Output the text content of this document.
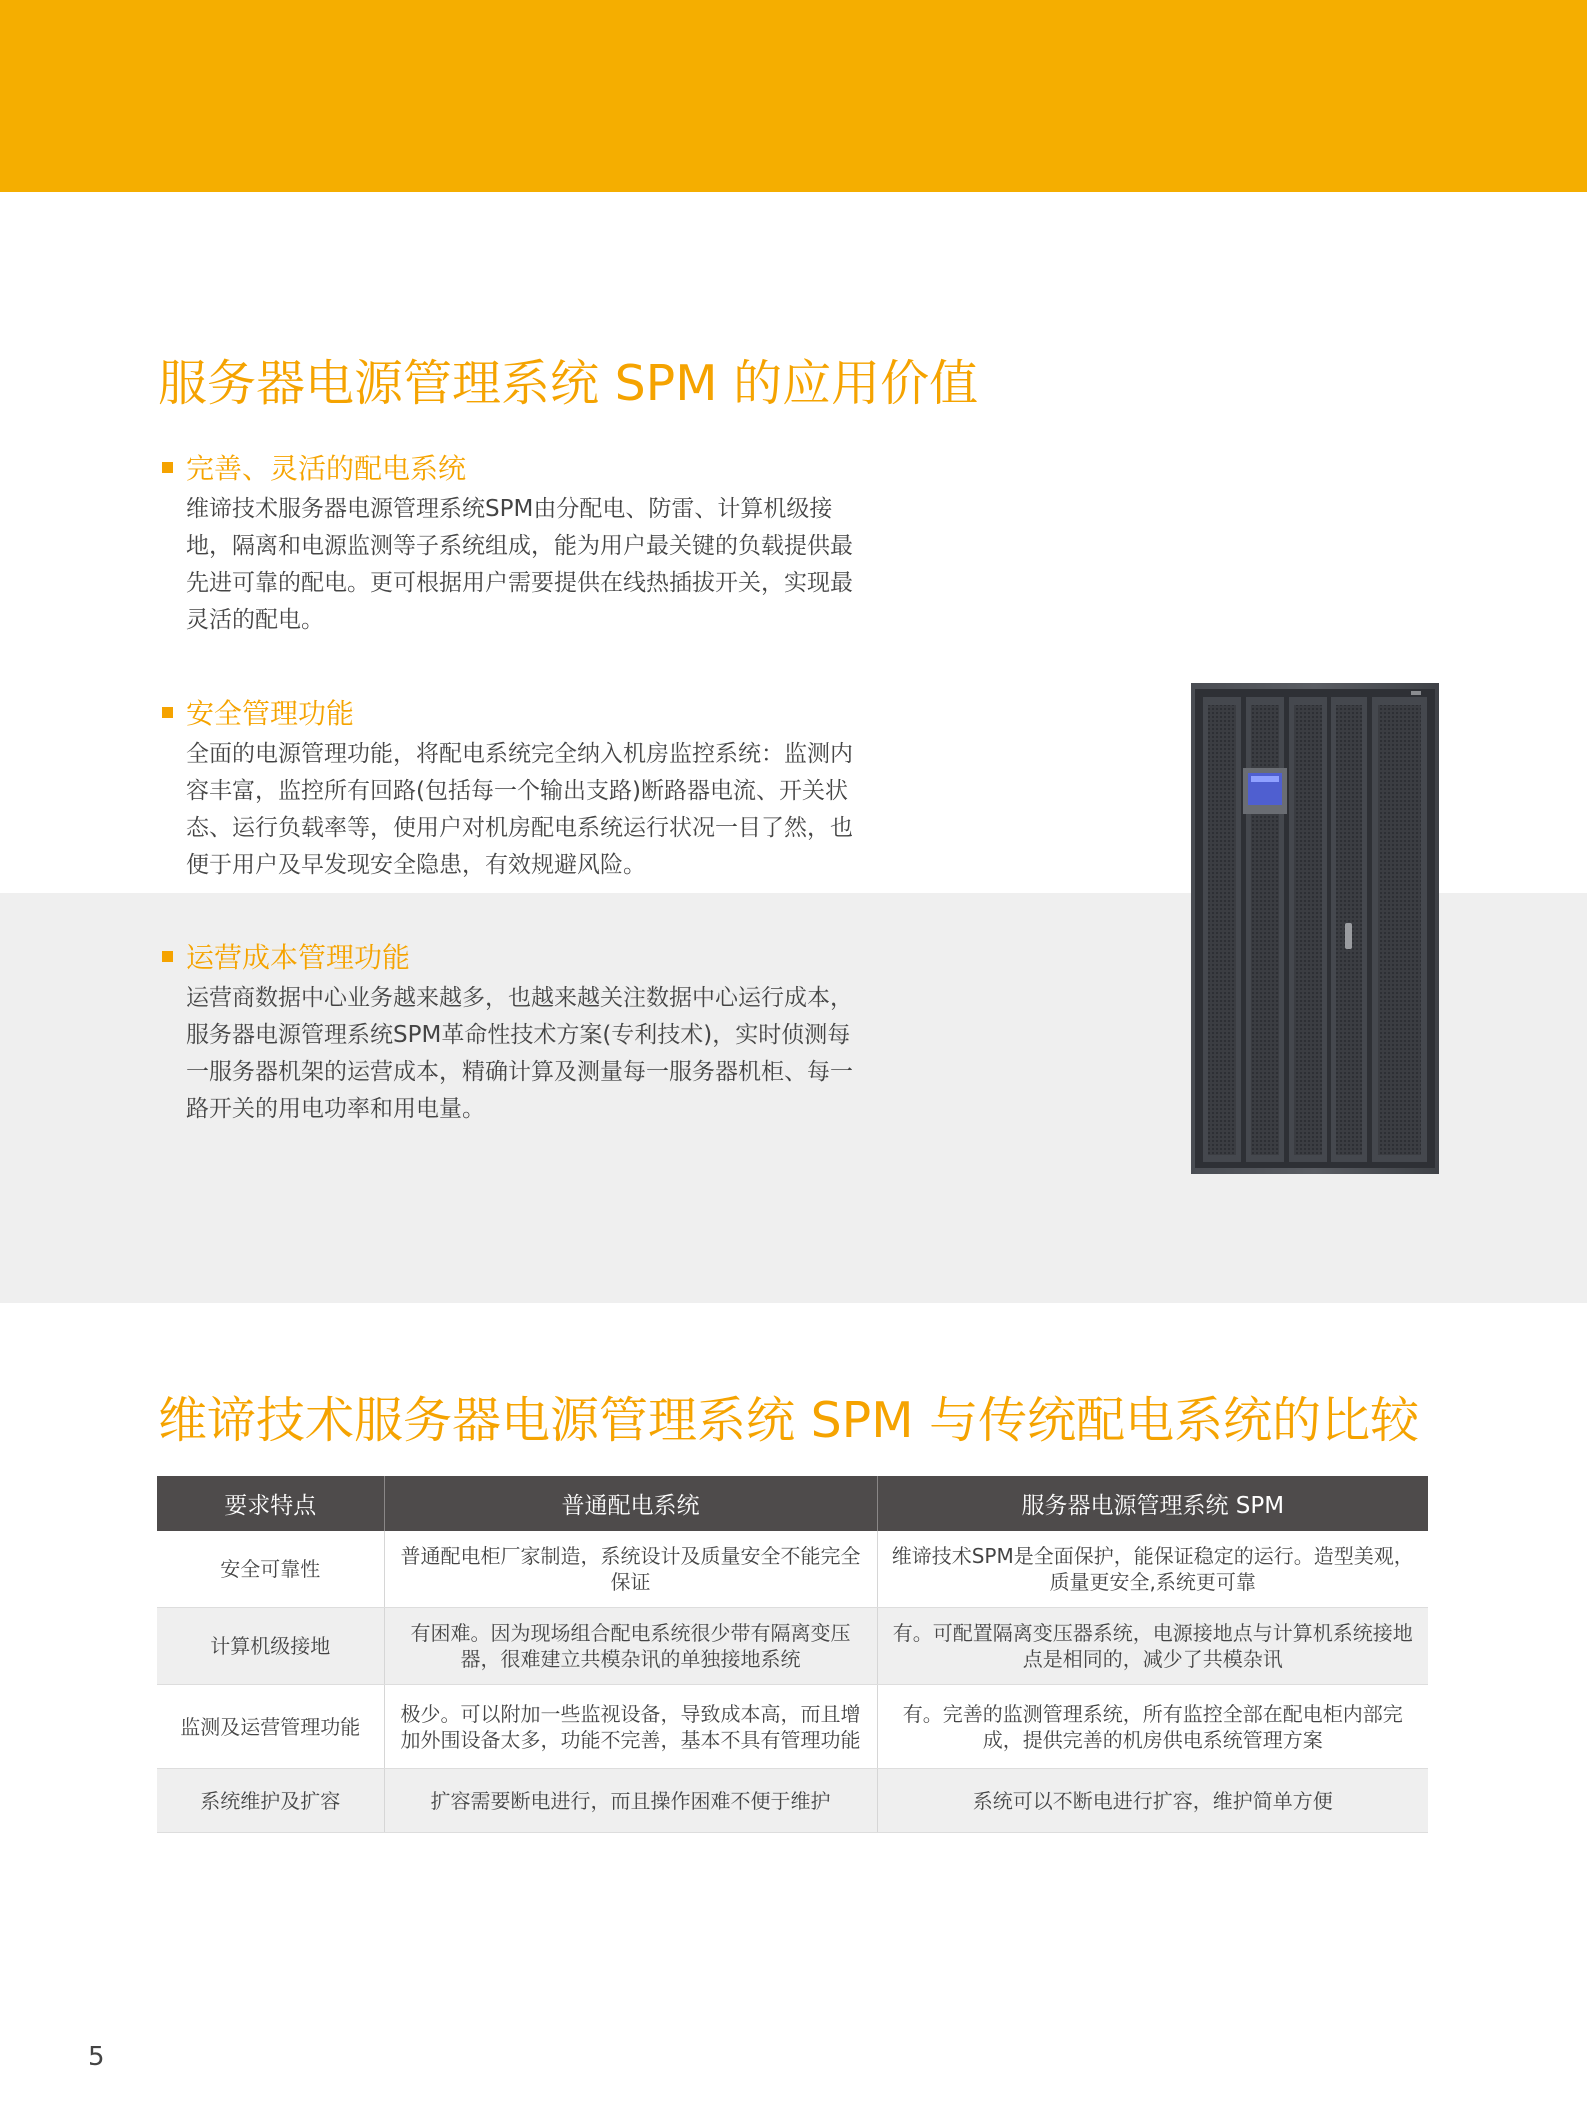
服务器电源管理系统 SPM 的应用价值
完善、灵活的配电系统
维谛技术服务器电源管理系统SPM由分配电、防雷、计算机级接地，隔离和电源监测等子系统组成，能为用户最关键的负载提供最先进可靠的配电。更可根据用户需要提供在线热插拔开关，实现最灵活的配电。
安全管理功能
全面的电源管理功能，将配电系统完全纳入机房监控系统：监测内容丰富，监控所有回路(包括每一个输出支路)断路器电流、开关状态、运行负载率等，使用户对机房配电系统运行状况一目了然，也便于用户及早发现安全隐患，有效规避风险。
运营成本管理功能
运营商数据中心业务越来越多，也越来越关注数据中心运行成本，服务器电源管理系统SPM革命性技术方案(专利技术)，实时侦测每一服务器机架的运营成本，精确计算及测量每一服务器机柜、每一路开关的用电功率和用电量。
维谛技术服务器电源管理系统 SPM 与传统配电系统的比较
要求特点	普通配电系统	服务器电源管理系统 SPM
安全可靠性	普通配电柜厂家制造，系统设计及质量安全不能完全保证	维谛技术SPM是全面保护，能保证稳定的运行。造型美观，质量更安全,系统更可靠
计算机级接地	有困难。因为现场组合配电系统很少带有隔离变压器，很难建立共模杂讯的单独接地系统	有。可配置隔离变压器系统，电源接地点与计算机系统接地点是相同的，减少了共模杂讯
监测及运营管理功能	极少。可以附加一些监视设备，导致成本高，而且增加外围设备太多，功能不完善，基本不具有管理功能	有。完善的监测管理系统，所有监控全部在配电柜内部完成，提供完善的机房供电系统管理方案
系统维护及扩容	扩容需要断电进行，而且操作困难不便于维护	系统可以不断电进行扩容，维护简单方便
5
